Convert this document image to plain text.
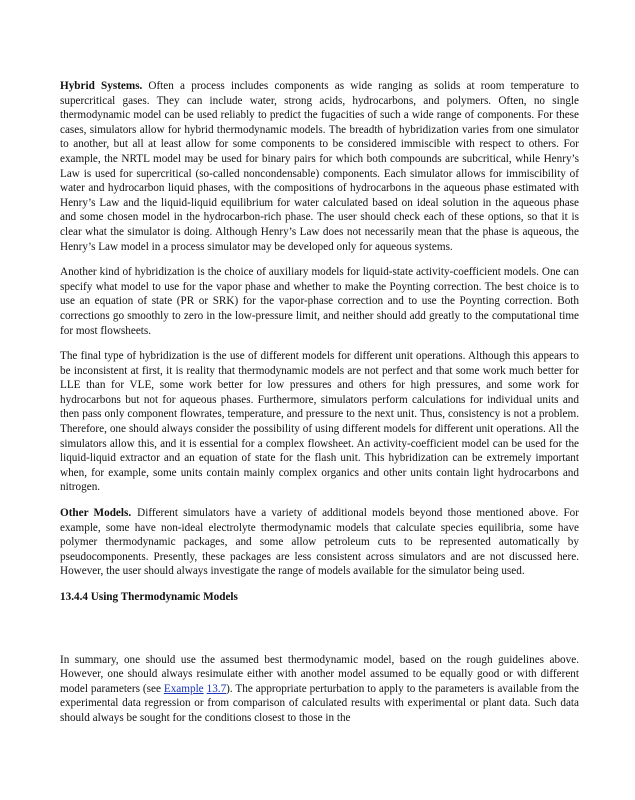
Hybrid Systems. Often a process includes components as wide ranging as solids at room temperature to supercritical gases. They can include water, strong acids, hydrocarbons, and polymers. Often, no single thermodynamic model can be used reliably to predict the fugacities of such a wide range of components. For these cases, simulators allow for hybrid thermodynamic models. The breadth of hybridization varies from one simulator to another, but all at least allow for some components to be considered immiscible with respect to others. For example, the NRTL model may be used for binary pairs for which both compounds are subcritical, while Henry’s Law is used for supercritical (so-called noncondensable) components. Each simulator allows for immiscibility of water and hydrocarbon liquid phases, with the compositions of hydrocarbons in the aqueous phase estimated with Henry’s Law and the liquid-liquid equilibrium for water calculated based on ideal solution in the aqueous phase and some chosen model in the hydrocarbon-rich phase. The user should check each of these options, so that it is clear what the simulator is doing. Although Henry’s Law does not necessarily mean that the phase is aqueous, the Henry’s Law model in a process simulator may be developed only for aqueous systems.

Another kind of hybridization is the choice of auxiliary models for liquid-state activity-coefficient models. One can specify what model to use for the vapor phase and whether to make the Poynting correction. The best choice is to use an equation of state (PR or SRK) for the vapor-phase correction and to use the Poynting correction. Both corrections go smoothly to zero in the low-pressure limit, and neither should add greatly to the computational time for most flowsheets.

The final type of hybridization is the use of different models for different unit operations. Although this appears to be inconsistent at first, it is reality that thermodynamic models are not perfect and that some work much better for LLE than for VLE, some work better for low pressures and others for high pressures, and some work for hydrocarbons but not for aqueous phases. Furthermore, simulators perform calculations for individual units and then pass only component flowrates, temperature, and pressure to the next unit. Thus, consistency is not a problem. Therefore, one should always consider the possibility of using different models for different unit operations. All the simulators allow this, and it is essential for a complex flowsheet. An activity-coefficient model can be used for the liquid-liquid extractor and an equation of state for the flash unit. This hybridization can be extremely important when, for example, some units contain mainly complex organics and other units contain light hydrocarbons and nitrogen.

Other Models. Different simulators have a variety of additional models beyond those mentioned above. For example, some have non-ideal electrolyte thermodynamic models that calculate species equilibria, some have polymer thermodynamic packages, and some allow petroleum cuts to be represented automatically by pseudocomponents. Presently, these packages are less consistent across simulators and are not discussed here. However, the user should always investigate the range of models available for the simulator being used.

13.4.4 Using Thermodynamic Models

In summary, one should use the assumed best thermodynamic model, based on the rough guidelines above. However, one should always resimulate either with another model assumed to be equally good or with different model parameters (see Example 13.7). The appropriate perturbation to apply to the parameters is available from the experimental data regression or from comparison of calculated results with experimental or plant data. Such data should always be sought for the conditions closest to those in the
